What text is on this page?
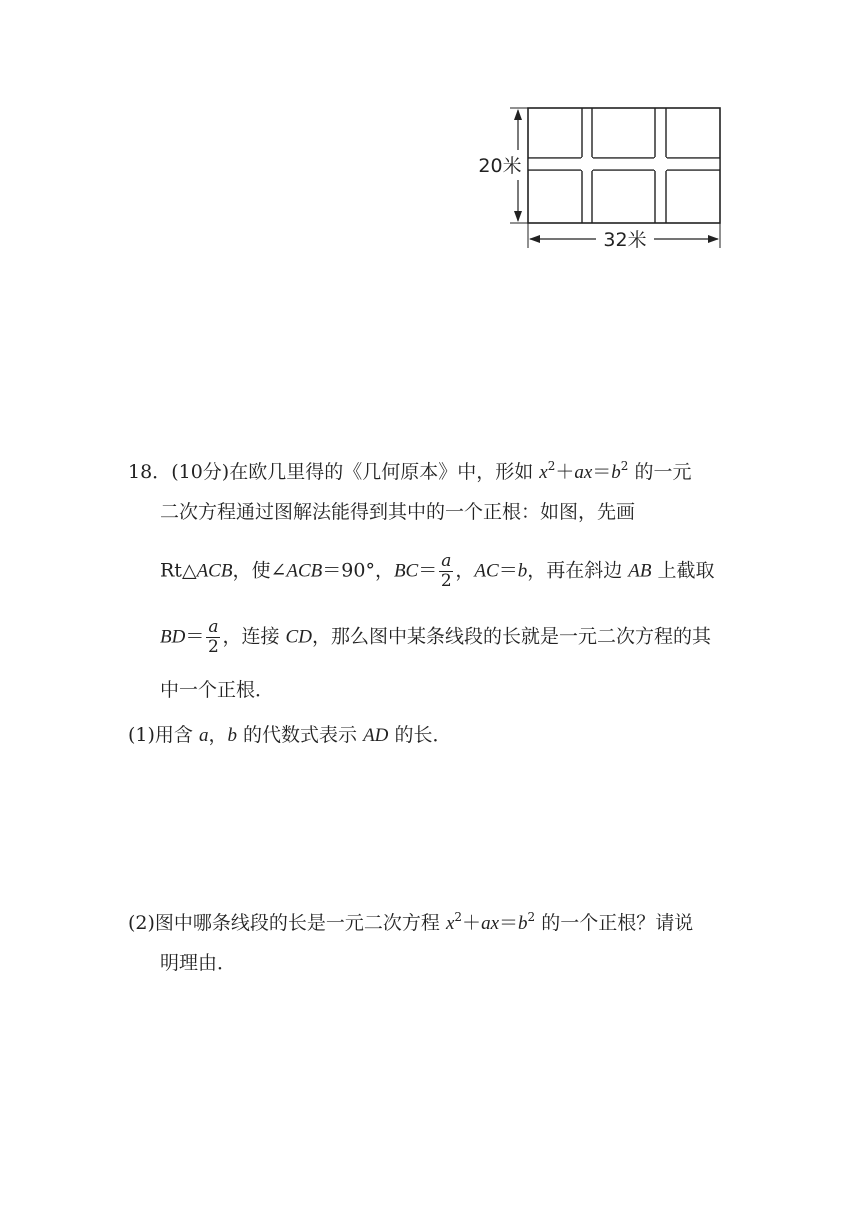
20米
32米
18．(10分)在欧几里得的《几何原本》中，形如 $x^2+ax=b^2$ 的一元
二次方程通过图解法能得到其中的一个正根：如图，先画
Rt△ACB，使∠ACB＝90°，$BC= \frac{a}{2}$ ，AC＝b，再在斜边 AB 上截取
$BD= \frac{a}{2}$ ，连接 CD，那么图中某条线段的长就是一元二次方程的其
中一个正根．
(1)用含 a，b 的代数式表示 AD 的长．
(2)图中哪条线段的长是一元二次方程 $x^2+ax=b^2$ 的一个正根？请说
明理由．
